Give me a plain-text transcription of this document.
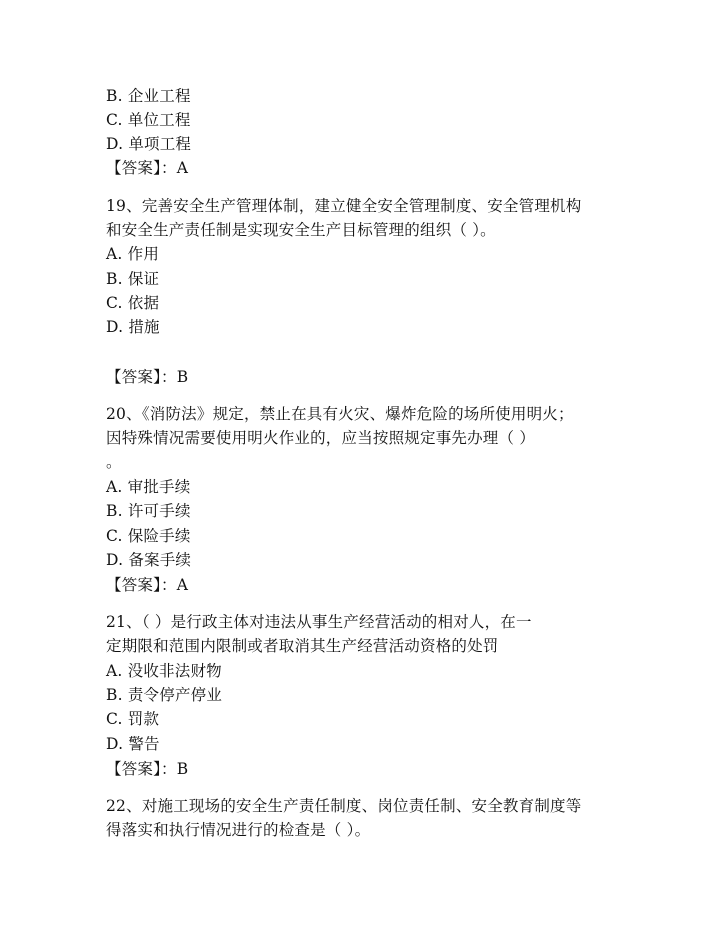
B. 企业工程
C. 单位工程
D. 单项工程
【答案】：A
19、完善安全生产管理体制，建立健全安全管理制度、安全管理机构
和安全生产责任制是实现安全生产目标管理的组织（ ）。
A. 作用
B. 保证
C. 依据
D. 措施
【答案】：B
20、《消防法》规定，禁止在具有火灾、爆炸危险的场所使用明火；
因特殊情况需要使用明火作业的，应当按照规定事先办理（ ）
。
A. 审批手续
B. 许可手续
C. 保险手续
D. 备案手续
【答案】：A
21、（ ）是行政主体对违法从事生产经营活动的相对人，在一
定期限和范围内限制或者取消其生产经营活动资格的处罚
A. 没收非法财物
B. 责令停产停业
C. 罚款
D. 警告
【答案】：B
22、对施工现场的安全生产责任制度、岗位责任制、安全教育制度等
得落实和执行情况进行的检查是（ ）。
